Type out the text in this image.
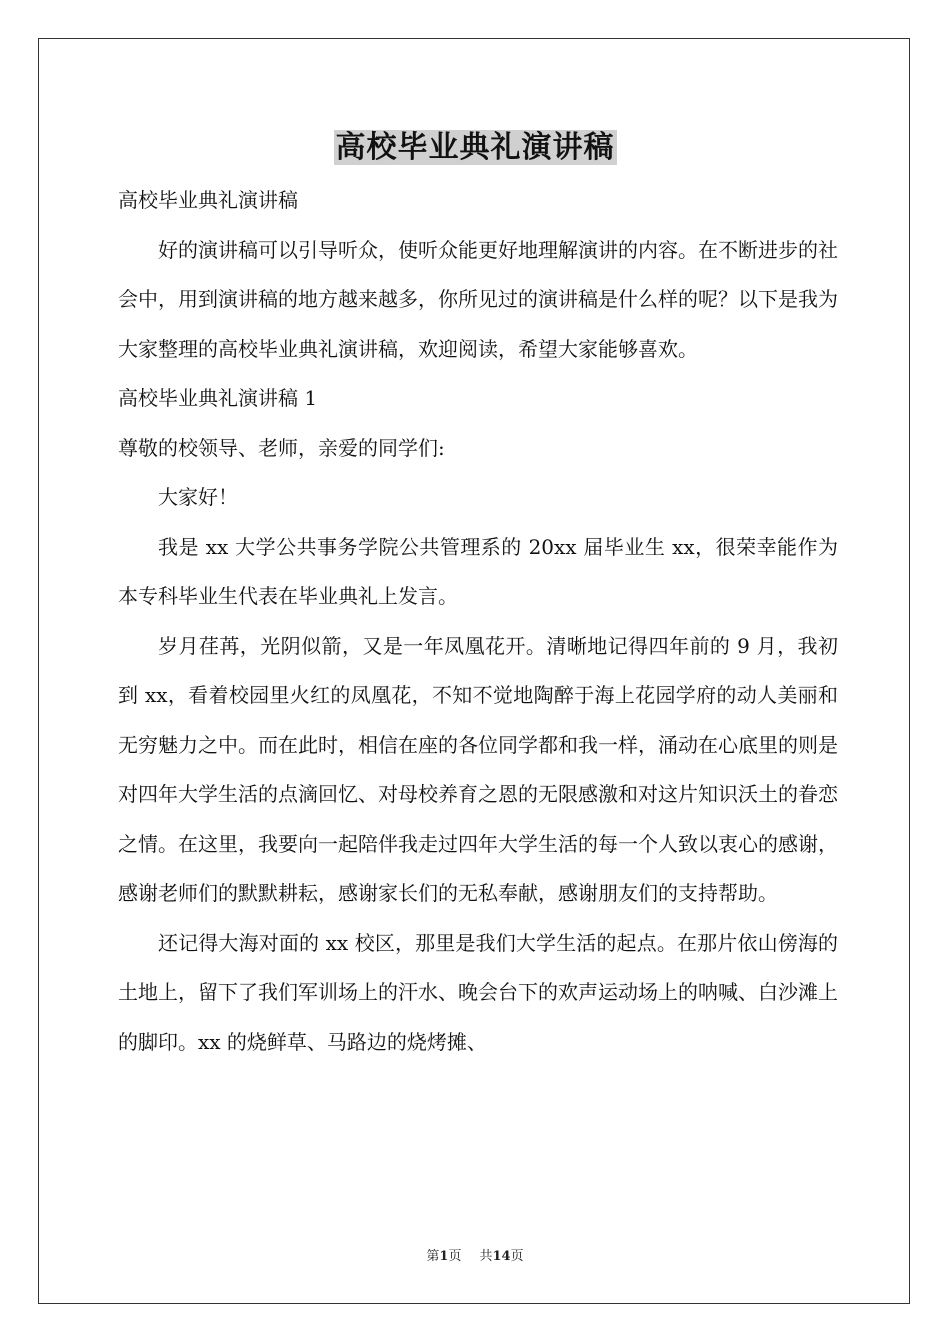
高校毕业典礼演讲稿

高校毕业典礼演讲稿

好的演讲稿可以引导听众，使听众能更好地理解演讲的内容。在不断进步的社会中，用到演讲稿的地方越来越多，你所见过的演讲稿是什么样的呢？以下是我为大家整理的高校毕业典礼演讲稿，欢迎阅读，希望大家能够喜欢。

高校毕业典礼演讲稿 1

尊敬的校领导、老师，亲爱的同学们:

大家好！

我是 xx 大学公共事务学院公共管理系的 20xx 届毕业生 xx，很荣幸能作为本专科毕业生代表在毕业典礼上发言。

岁月荏苒，光阴似箭，又是一年凤凰花开。清晰地记得四年前的 9 月，我初到 xx，看着校园里火红的凤凰花，不知不觉地陶醉于海上花园学府的动人美丽和无穷魅力之中。而在此时，相信在座的各位同学都和我一样，涌动在心底里的则是对四年大学生活的点滴回忆、对母校养育之恩的无限感激和对这片知识沃土的眷恋之情。在这里，我要向一起陪伴我走过四年大学生活的每一个人致以衷心的感谢，感谢老师们的默默耕耘，感谢家长们的无私奉献，感谢朋友们的支持帮助。

还记得大海对面的 xx 校区，那里是我们大学生活的起点。在那片依山傍海的土地上，留下了我们军训场上的汗水、晚会台下的欢声运动场上的呐喊、白沙滩上的脚印。xx 的烧鲜草、马路边的烧烤摊、

第1页 共14页
